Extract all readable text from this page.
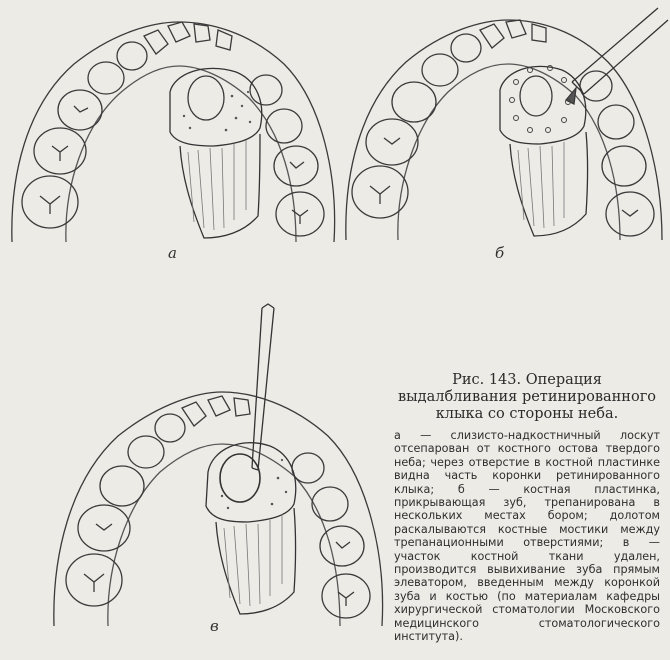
а	б
в

Рис. 143. Операция выдалбливания ретинированного клыка со стороны неба.

а — слизисто-надкостничный лоскут отсепарован от костного остова твердого неба; через отверстие в костной пластинке видна часть коронки ретинированного клыка; б — костная пластинка, прикрывающая зуб, трепанирована в нескольких местах бором; долотом раскалываются костные мостики между трепанационными отверстиями; в — участок костной ткани удален, производится вывихивание зуба прямым элеватором, введенным между коронкой зуба и костью (по материалам кафедры хирургической стоматологии Московского медицинского стоматологического института).
